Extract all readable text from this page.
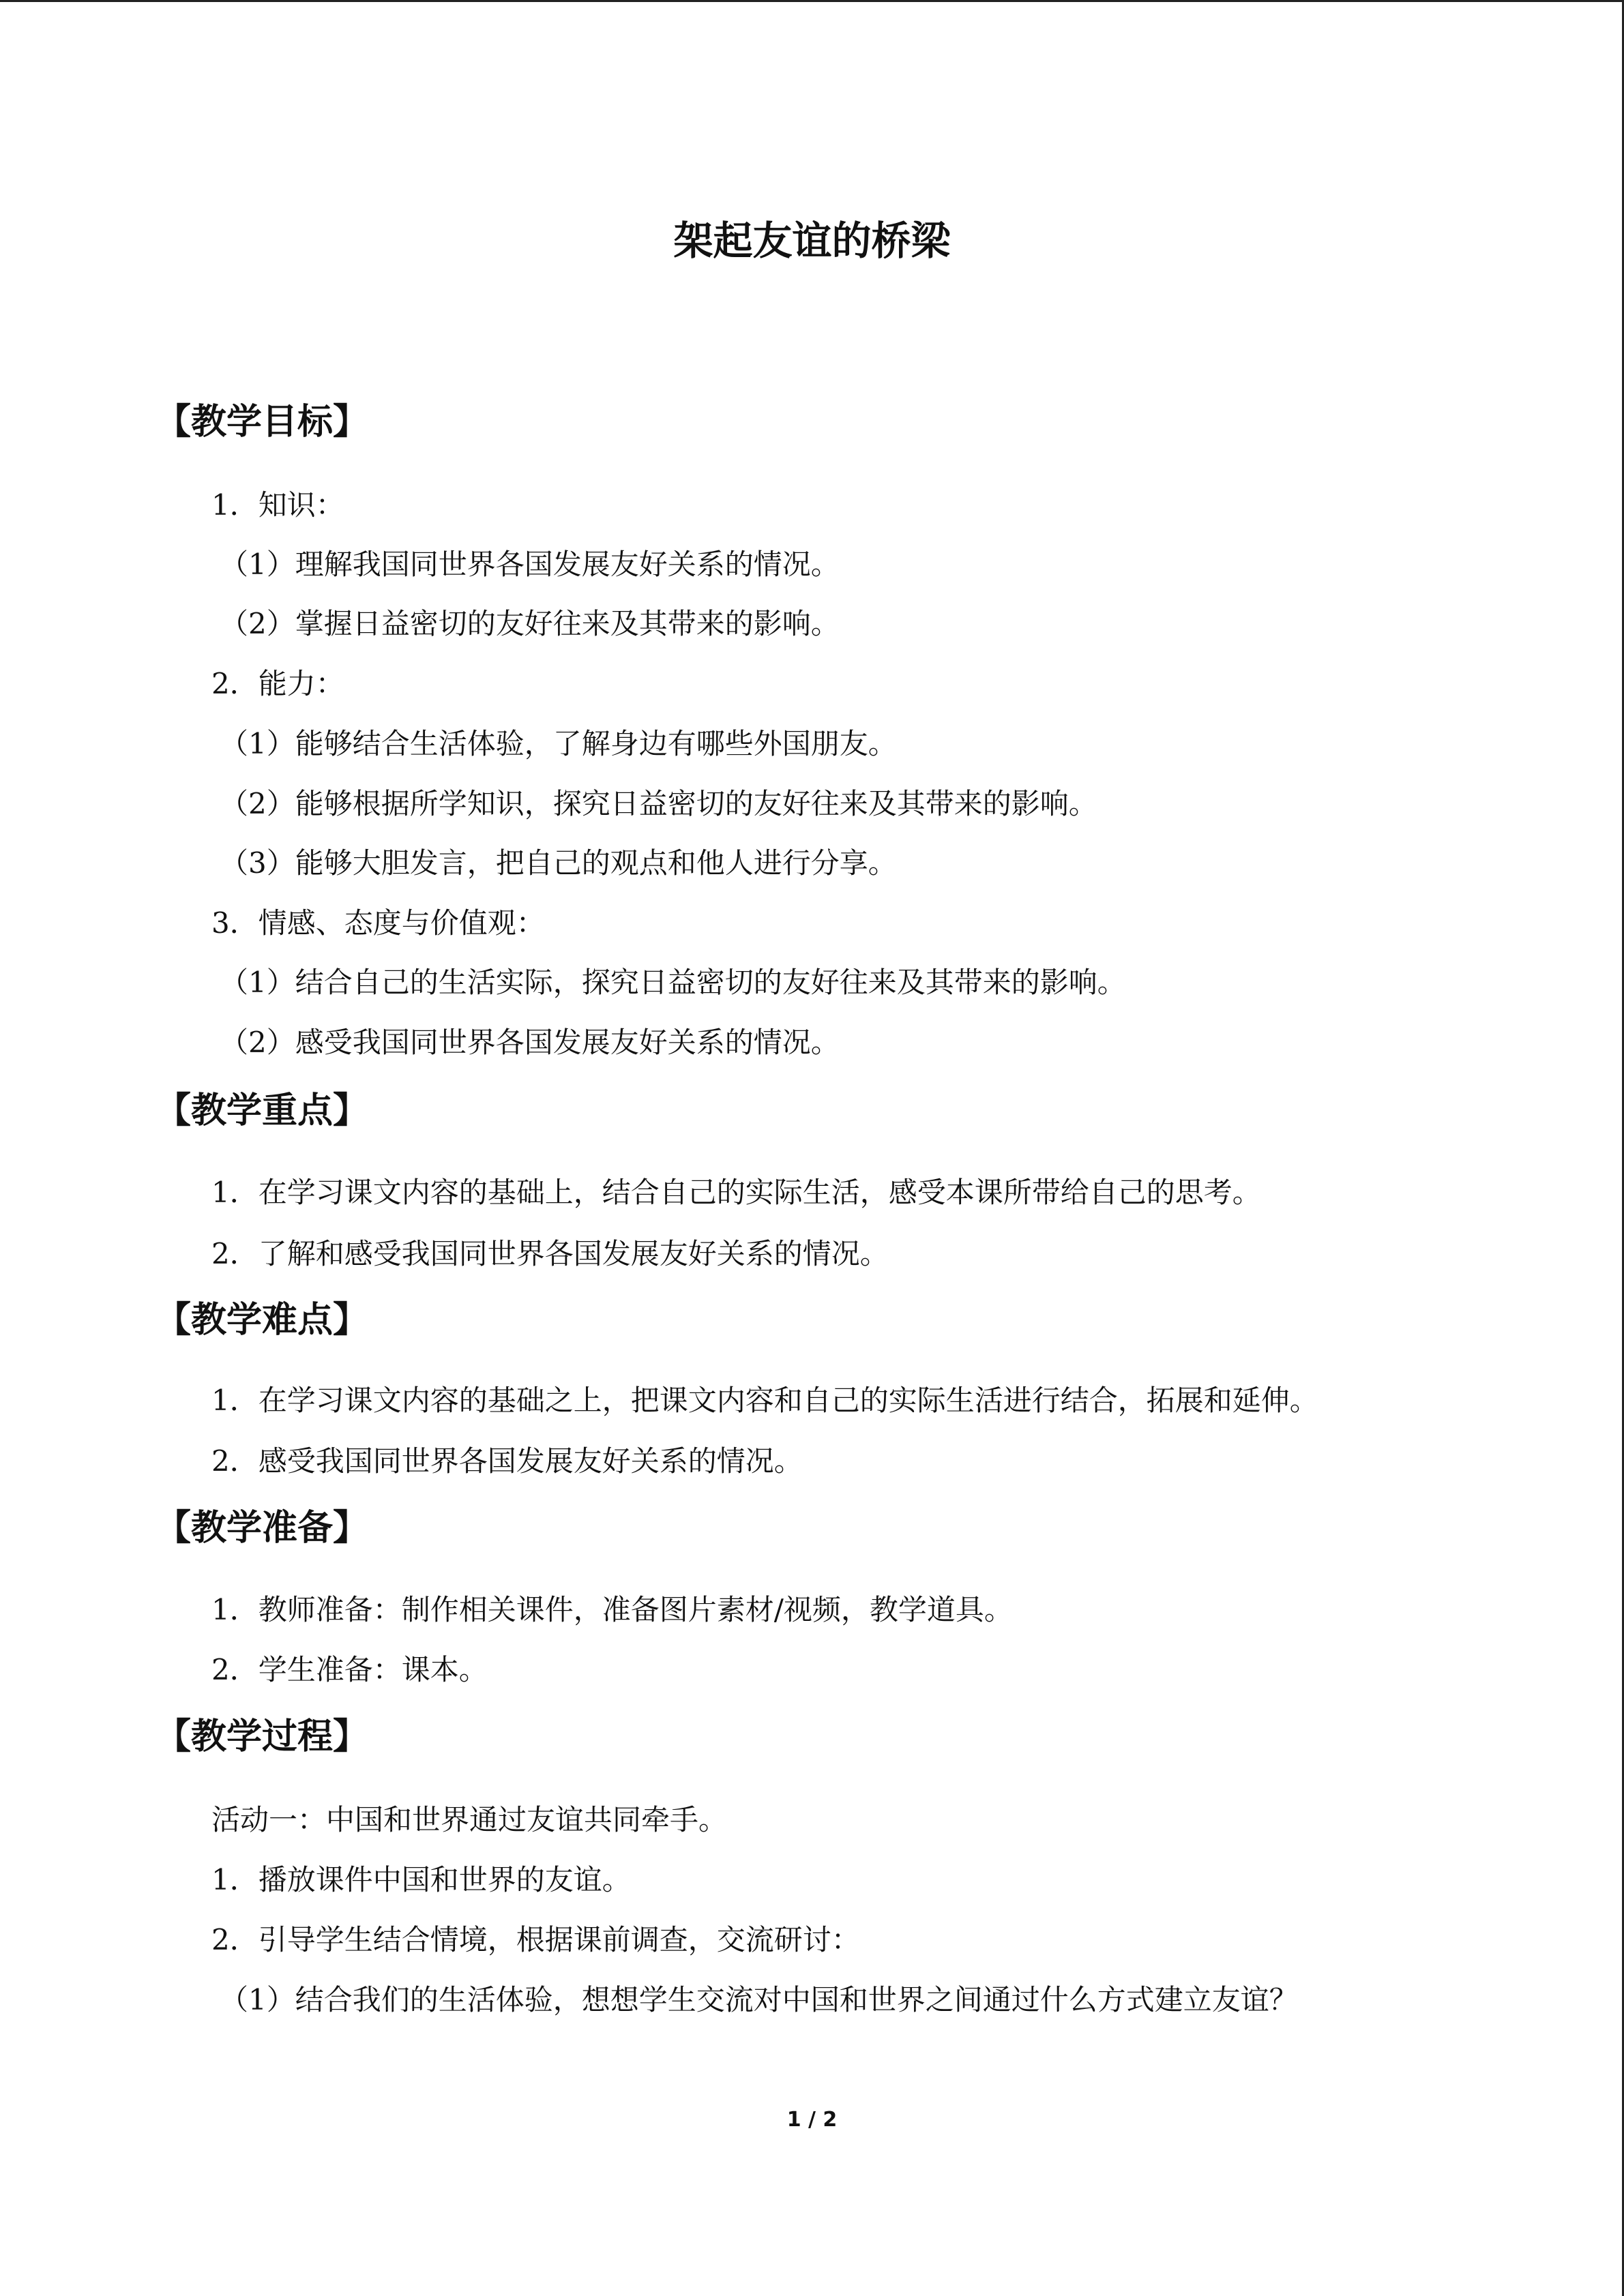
架起友谊的桥梁
【教学目标】

1．知识：

（1）理解我国同世界各国发展友好关系的情况。

（2）掌握日益密切的友好往来及其带来的影响。

2．能力：

（1）能够结合生活体验，了解身边有哪些外国朋友。

（2）能够根据所学知识，探究日益密切的友好往来及其带来的影响。

（3）能够大胆发言，把自己的观点和他人进行分享。

3．情感、态度与价值观：

（1）结合自己的生活实际，探究日益密切的友好往来及其带来的影响。

（2）感受我国同世界各国发展友好关系的情况。

【教学重点】

1．在学习课文内容的基础上，结合自己的实际生活，感受本课所带给自己的思考。

2．了解和感受我国同世界各国发展友好关系的情况。

【教学难点】

1．在学习课文内容的基础之上，把课文内容和自己的实际生活进行结合，拓展和延伸。

2．感受我国同世界各国发展友好关系的情况。

【教学准备】

1．教师准备：制作相关课件，准备图片素材/视频，教学道具。

2．学生准备：课本。

【教学过程】

活动一：中国和世界通过友谊共同牵手。

1．播放课件中国和世界的友谊。

2．引导学生结合情境，根据课前调查，交流研讨：

（1）结合我们的生活体验，想想学生交流对中国和世界之间通过什么方式建立友谊？

1 / 2
